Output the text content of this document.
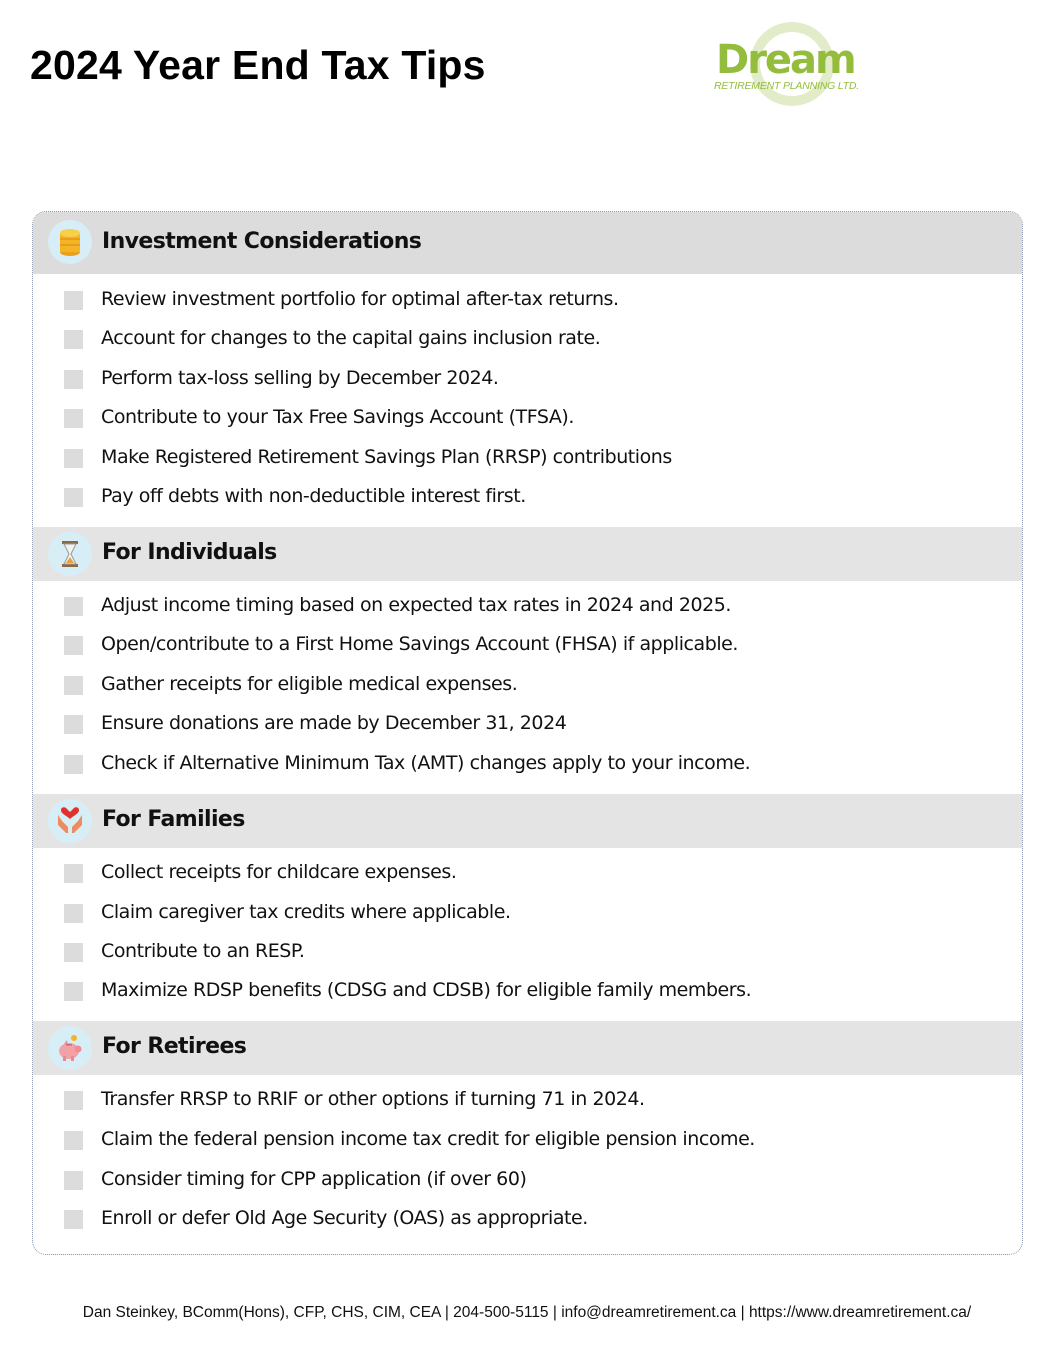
2024 Year End Tax Tips	Dream
RETIREMENT PLANNING LTD.
Investment Considerations
Review investment portfolio for optimal after-tax returns.
Account for changes to the capital gains inclusion rate.
Perform tax-loss selling by December 2024.
Contribute to your Tax Free Savings Account (TFSA).
Make Registered Retirement Savings Plan (RRSP) contributions
Pay off debts with non-deductible interest first.
For Individuals
Adjust income timing based on expected tax rates in 2024 and 2025.
Open/contribute to a First Home Savings Account (FHSA) if applicable.
Gather receipts for eligible medical expenses.
Ensure donations are made by December 31, 2024
Check if Alternative Minimum Tax (AMT) changes apply to your income.
For Families
Collect receipts for childcare expenses.
Claim caregiver tax credits where applicable.
Contribute to an RESP.
Maximize RDSP benefits (CDSG and CDSB) for eligible family members.
For Retirees
Transfer RRSP to RRIF or other options if turning 71 in 2024.
Claim the federal pension income tax credit for eligible pension income.
Consider timing for CPP application (if over 60)
Enroll or defer Old Age Security (OAS) as appropriate.
Dan Steinkey, BComm(Hons), CFP, CHS, CIM, CEA | 204-500-5115 | info@dreamretirement.ca | https://www.dreamretirement.ca/
